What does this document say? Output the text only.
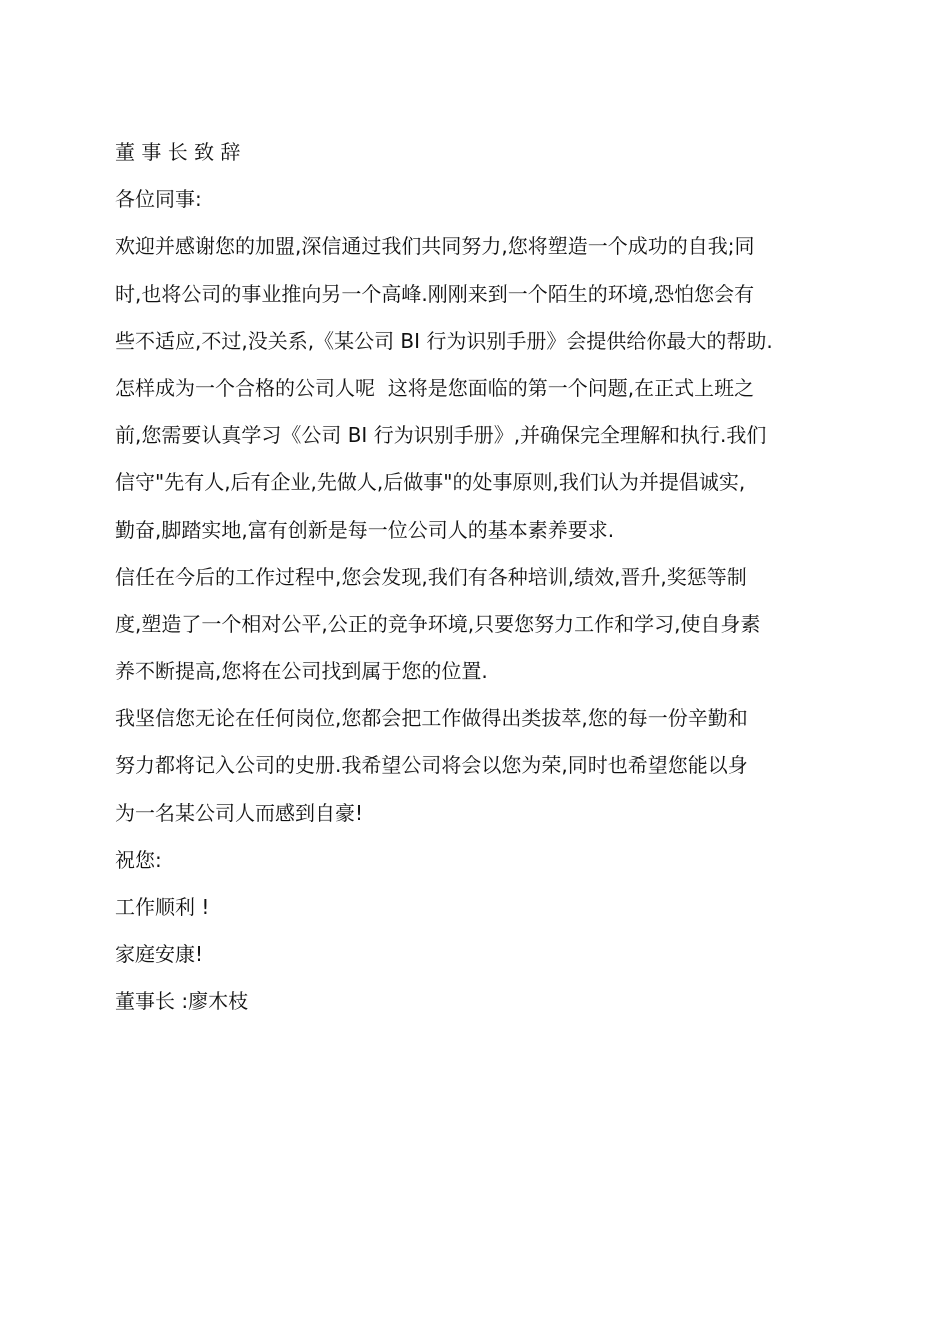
董 事 长 致 辞
各位同事:
欢迎并感谢您的加盟,深信通过我们共同努力,您将塑造一个成功的自我;同
时,也将公司的事业推向另一个高峰.刚刚来到一个陌生的环境,恐怕您会有
些不适应,不过,没关系,《某公司 BI 行为识别手册》会提供给你最大的帮助.
怎样成为一个合格的公司人呢  这将是您面临的第一个问题,在正式上班之
前,您需要认真学习《公司 BI 行为识别手册》,并确保完全理解和执行.我们
信守"先有人,后有企业,先做人,后做事"的处事原则,我们认为并提倡诚实,
勤奋,脚踏实地,富有创新是每一位公司人的基本素养要求.
信任在今后的工作过程中,您会发现,我们有各种培训,绩效,晋升,奖惩等制
度,塑造了一个相对公平,公正的竞争环境,只要您努力工作和学习,使自身素
养不断提高,您将在公司找到属于您的位置.
我坚信您无论在任何岗位,您都会把工作做得出类拔萃,您的每一份辛勤和
努力都将记入公司的史册.我希望公司将会以您为荣,同时也希望您能以身
为一名某公司人而感到自豪!
祝您:
工作顺利 !
家庭安康!
董事长 :廖木枝
